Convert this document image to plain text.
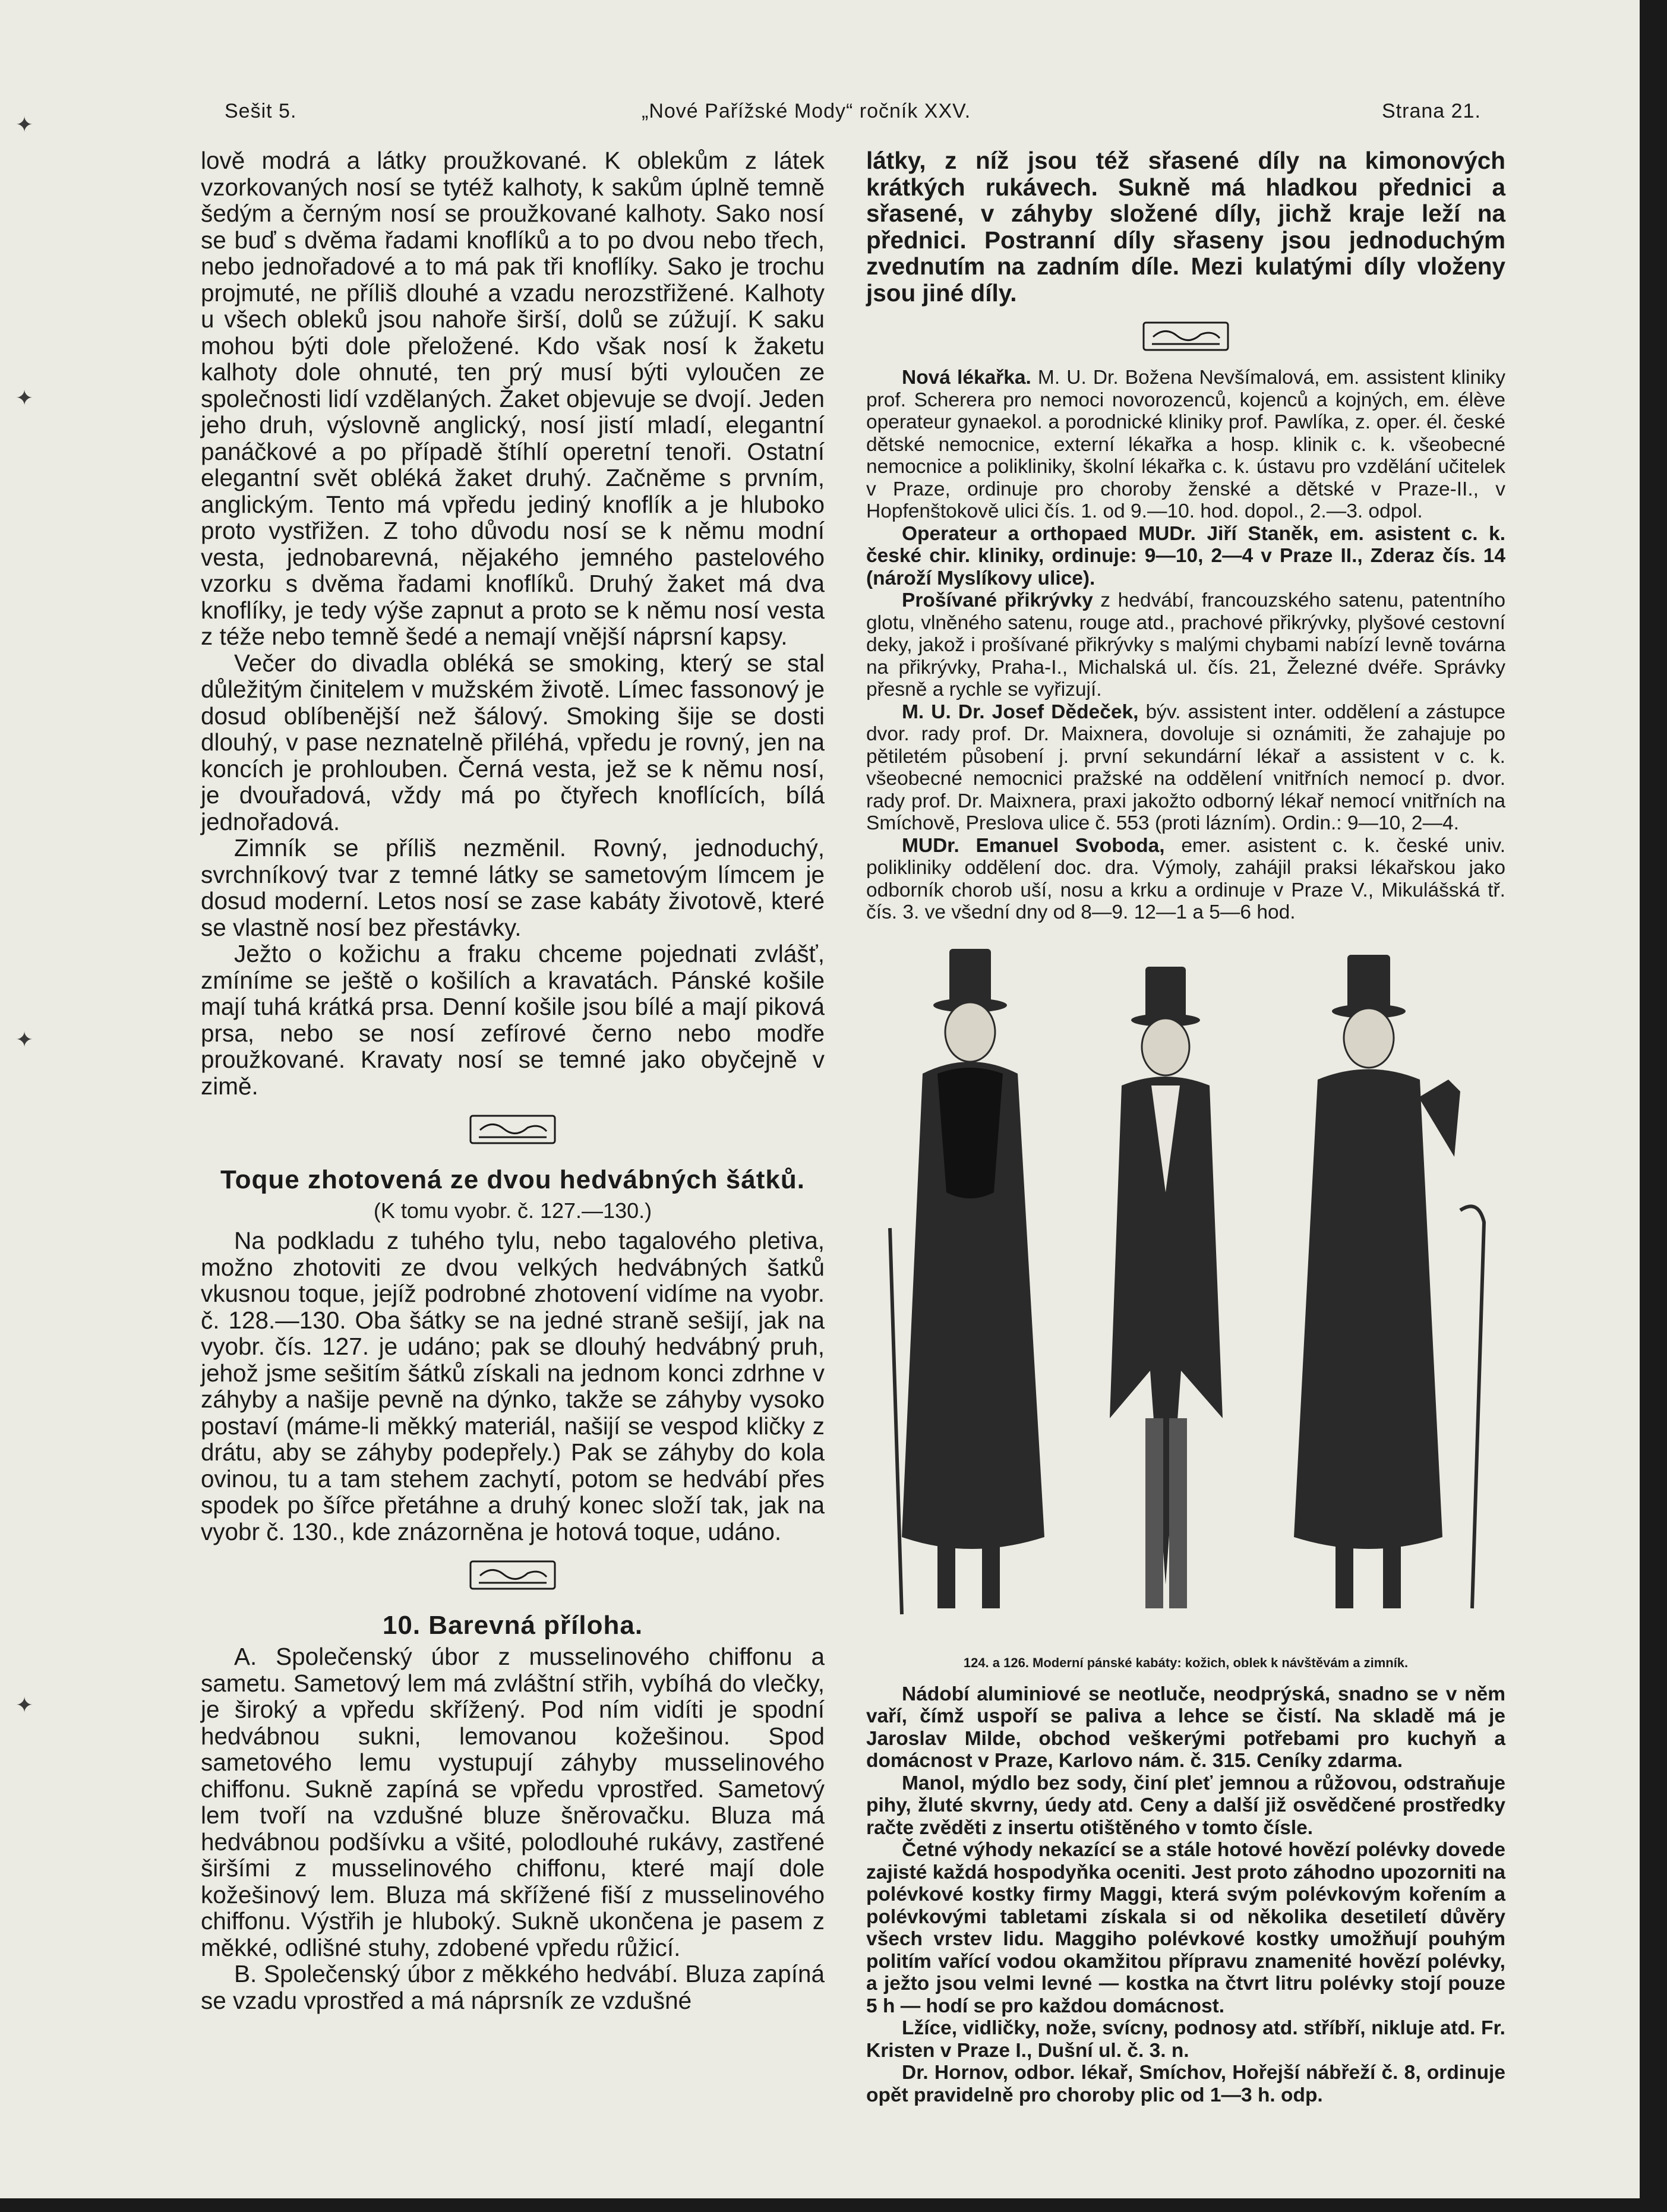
✦
✦
✦
✦
Sešit 5.	„Nové Pařížské Mody“ ročník XXV.	Strana 21.

lově modrá a látky proužkované. K oblekům z látek vzorkovaných nosí se tytéž kalhoty, k sakům úplně temně šedým a černým nosí se proužkované kalhoty. Sako nosí se buď s dvěma řadami knoflíků a to po dvou nebo třech, nebo jednořadové a to má pak tři knoflíky. Sako je trochu projmuté, ne příliš dlouhé a vzadu nerozstřižené. Kalhoty u všech obleků jsou nahoře širší, dolů se zúžují. K saku mohou býti dole přeložené. Kdo však nosí k žaketu kalhoty dole ohnuté, ten prý musí býti vyloučen ze společnosti lidí vzdělaných. Žaket objevuje se dvojí. Jeden jeho druh, výslovně anglický, nosí jistí mladí, elegantní panáčkové a po případě štíhlí operetní tenoři. Ostatní elegantní svět obléká žaket druhý. Začněme s prvním, anglickým. Tento má vpředu jediný knoflík a je hluboko proto vystřižen. Z toho důvodu nosí se k němu modní vesta, jednobarevná, nějakého jemného pastelového vzorku s dvěma řadami knoflíků. Druhý žaket má dva knoflíky, je tedy výše zapnut a proto se k němu nosí vesta z téže nebo temně šedé a nemají vnější náprsní kapsy.

Večer do divadla obléká se smoking, který se stal důležitým činitelem v mužském životě. Límec fassonový je dosud oblíbenější než šálový. Smoking šije se dosti dlouhý, v pase neznatelně přiléhá, vpředu je rovný, jen na koncích je prohlouben. Černá vesta, jež se k němu nosí, je dvouřadová, vždy má po čtyřech knoflících, bílá jednořadová.

Zimník se příliš nezměnil. Rovný, jednoduchý, svrchníkový tvar z temné látky se sametovým límcem je dosud moderní. Letos nosí se zase kabáty životově, které se vlastně nosí bez přestávky.

Ježto o kožichu a fraku chceme pojednati zvlášť, zmíníme se ještě o košilích a kravatách. Pánské košile mají tuhá krátká prsa. Denní košile jsou bílé a mají piková prsa, nebo se nosí zefírové černo nebo modře proužkované. Kravaty nosí se temné jako obyčejně v zimě.

Toque zhotovená ze dvou hedvábných šátků.
(K tomu vyobr. č. 127.—130.)

Na podkladu z tuhého tylu, nebo tagalového pletiva, možno zhotoviti ze dvou velkých hedvábných šatků vkusnou toque, jejíž podrobné zhotovení vidíme na vyobr. č. 128.—130. Oba šátky se na jedné straně sešijí, jak na vyobr. čís. 127. je udáno; pak se dlouhý hedvábný pruh, jehož jsme sešitím šátků získali na jednom konci zdrhne v záhyby a našije pevně na dýnko, takže se záhyby vysoko postaví (máme-li měkký materiál, našijí se vespod kličky z drátu, aby se záhyby podepřely.) Pak se záhyby do kola ovinou, tu a tam stehem zachytí, potom se hedvábí přes spodek po šířce přetáhne a druhý konec složí tak, jak na vyobr č. 130., kde znázorněna je hotová toque, udáno.

10. Barevná příloha.

A. Společenský úbor z musselinového chiffonu a sametu. Sametový lem má zvláštní střih, vybíhá do vlečky, je široký a vpředu skřížený. Pod ním vidíti je spodní hedvábnou sukni, lemovanou kožešinou. Spod sametového lemu vystupují záhyby musselinového chiffonu. Sukně zapíná se vpředu vprostřed. Sametový lem tvoří na vzdušné bluze šněrovačku. Bluza má hedvábnou podšívku a všité, polodlouhé rukávy, zastřené širšími z musselinového chiffonu, které mají dole kožešinový lem. Bluza má skřížené fiší z musselinového chiffonu. Výstřih je hluboký. Sukně ukončena je pasem z měkké, odlišné stuhy, zdobené vpředu růžicí.

B. Společenský úbor z měkkého hedvábí. Bluza zapíná se vzadu vprostřed a má náprsník ze vzdušné

látky, z níž jsou též sřasené díly na kimonových krátkých rukávech. Sukně má hladkou přednici a sřasené, v záhyby složené díly, jichž kraje leží na přednici. Postranní díly sřaseny jsou jednoduchým zvednutím na zadním díle. Mezi kulatými díly vloženy jsou jiné díly.

Nová lékařka. M. U. Dr. Božena Nevšímalová, em. assistent kliniky prof. Scherera pro nemoci novorozenců, kojenců a kojných, em. élève operateur gynaekol. a porodnické kliniky prof. Pawlíka, z. oper. él. české dětské nemocnice, externí lékařka a hosp. klinik c. k. všeobecné nemocnice a polikliniky, školní lékařka c. k. ústavu pro vzdělání učitelek v Praze, ordinuje pro choroby ženské a dětské v Praze-II., v Hopfenštokově ulici čís. 1. od 9.—10. hod. dopol., 2.—3. odpol.

Operateur a orthopaed MUDr. Jiří Staněk, em. asistent c. k. české chir. kliniky, ordinuje: 9—10, 2—4 v Praze II., Zderaz čís. 14 (nároží Myslíkovy ulice).

Prošívané přikrývky z hedvábí, francouzského satenu, patentního glotu, vlněného satenu, rouge atd., prachové přikrývky, plyšové cestovní deky, jakož i prošívané přikrývky s malými chybami nabízí levně továrna na přikrývky, Praha-I., Michalská ul. čís. 21, Železné dvéře. Správky přesně a rychle se vyřizují.

M. U. Dr. Josef Dědeček, býv. assistent inter. oddělení a zástupce dvor. rady prof. Dr. Maixnera, dovoluje si oznámiti, že zahajuje po pětiletém působení j. první sekundární lékař a assistent v c. k. všeobecné nemocnici pražské na oddělení vnitřních nemocí p. dvor. rady prof. Dr. Maixnera, praxi jakožto odborný lékař nemocí vnitřních na Smíchově, Preslova ulice č. 553 (proti lázním). Ordin.: 9—10, 2—4.

MUDr. Emanuel Svoboda, emer. asistent c. k. české univ. polikliniky oddělení doc. dra. Výmoly, zahájil praksi lékařskou jako odborník chorob uší, nosu a krku a ordinuje v Praze V., Mikulášská tř. čís. 3. ve všední dny od 8—9. 12—1 a 5—6 hod.

124. a 126. Moderní pánské kabáty: kožich, oblek k návštěvám a zimník.

Nádobí aluminiové se neotluče, neodprýská, snadno se v něm vaří, čímž uspoří se paliva a lehce se čistí. Na skladě má je Jaroslav Milde, obchod veškerými potřebami pro kuchyň a domácnost v Praze, Karlovo nám. č. 315. Ceníky zdarma.

Manol, mýdlo bez sody, činí pleť jemnou a růžovou, odstraňuje pihy, žluté skvrny, úedy atd. Ceny a další již osvědčené prostředky račte zvěděti z insertu otištěného v tomto čísle.

Četné výhody nekazící se a stále hotové hovězí polévky dovede zajisté každá hospodyňka oceniti. Jest proto záhodno upozorniti na polévkové kostky firmy Maggi, která svým polévkovým kořením a polévkovými tabletami získala si od několika desetiletí důvěry všech vrstev lidu. Maggiho polévkové kostky umožňují pouhým politím vařící vodou okamžitou přípravu znamenité hovězí polévky, a ježto jsou velmi levné — kostka na čtvrt litru polévky stojí pouze 5 h — hodí se pro každou domácnost.

Lžíce, vidličky, nože, svícny, podnosy atd. stříbří, nikluje atd. Fr. Kristen v Praze I., Dušní ul. č. 3. n.

Dr. Hornov, odbor. lékař, Smíchov, Hořejší nábřeží č. 8, ordinuje opět pravidelně pro choroby plic od 1—3 h. odp.
